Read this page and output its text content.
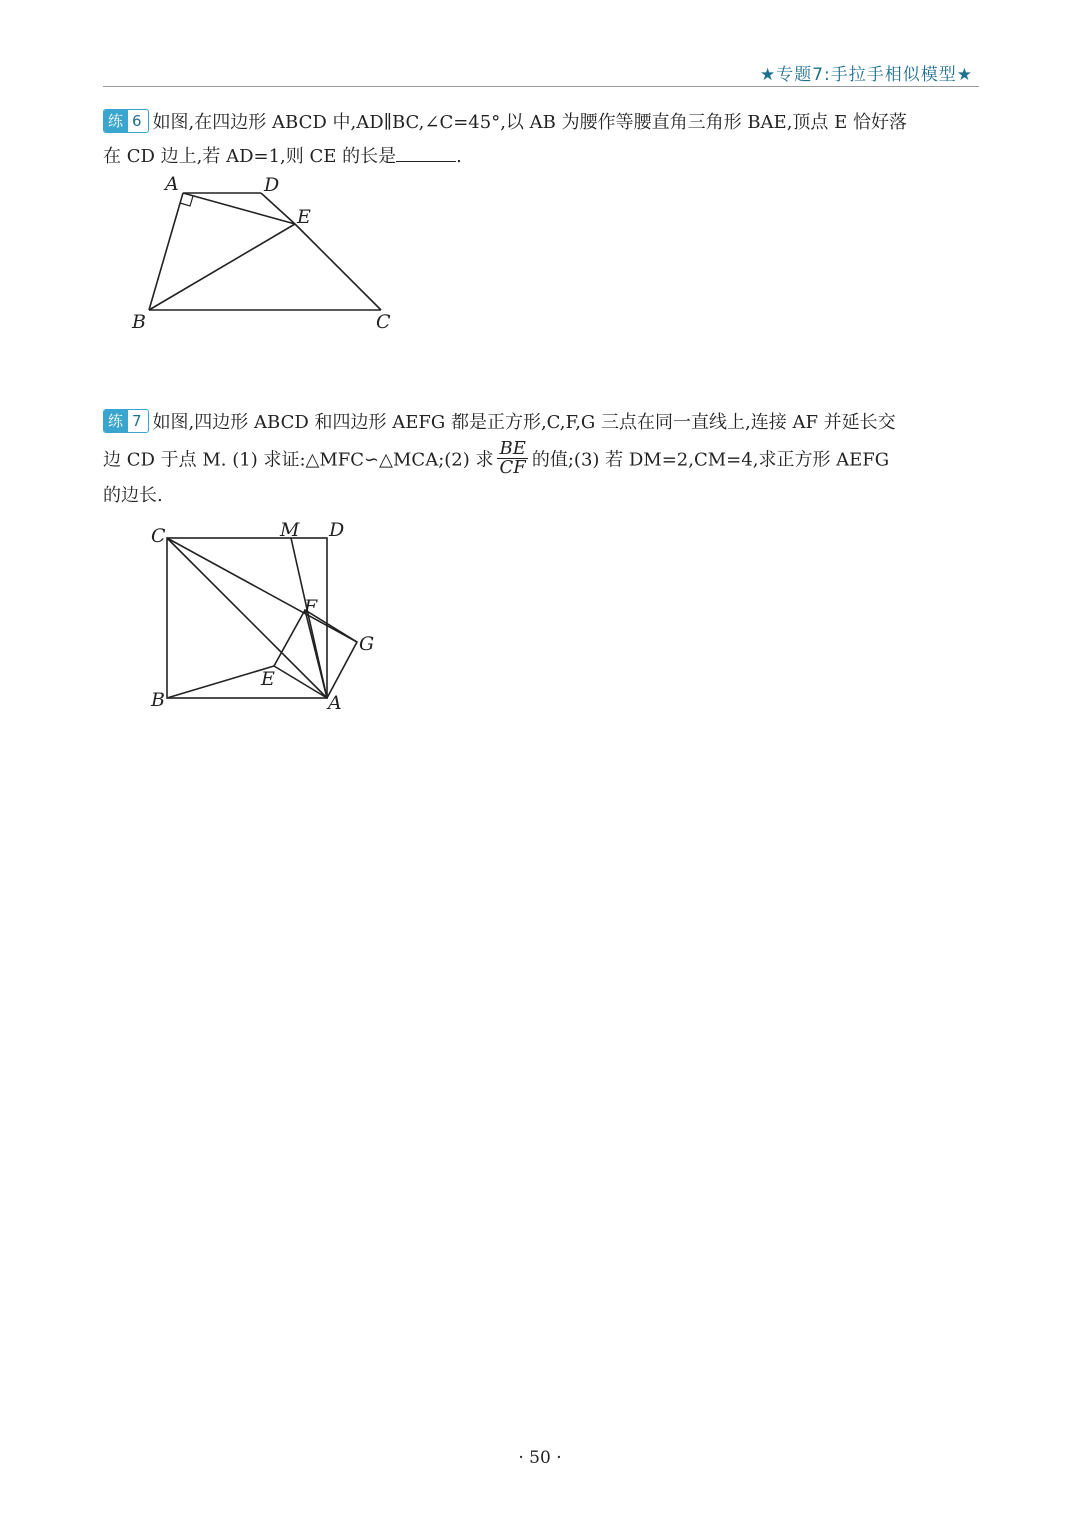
★专题7:手拉手相似模型★
练 6 如图,在四边形 ABCD 中,AD∥BC,∠C=45°,以 AB 为腰作等腰直角三角形 BAE,顶点 E 恰好落
在 CD 边上,若 AD=1,则 CE 的长是	.
A	D
E
B	C
练 7 如图,四边形 ABCD 和四边形 AEFG 都是正方形,C,F,G 三点在同一直线上,连接 AF 并延长交
边 CD 于点 M. (1) 求证:△MFC∽△MCA;(2) 求 $\frac{BE}{CF}$ 的值;(3) 若 DM=2,CM=4,求正方形 AEFG
的边长.
C	M D
F
G
E
B	A
· 50 ·
